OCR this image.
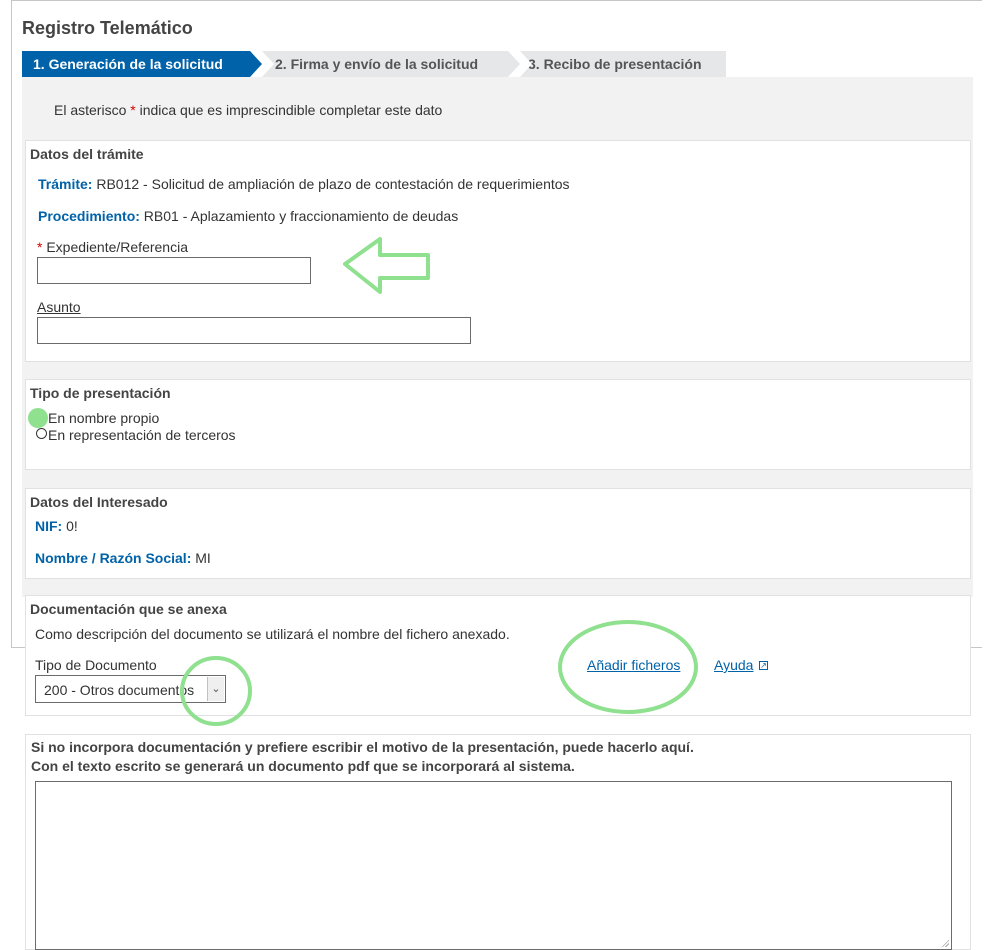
Registro Telemático
1. Generación de la solicitud	2. Firma y envío de la solicitud	3. Recibo de presentación
El asterisco * indica que es imprescindible completar este dato
Datos del trámite
Trámite: RB012 - Solicitud de ampliación de plazo de contestación de requerimientos
Procedimiento: RB01 - Aplazamiento y fraccionamiento de deudas
* Expediente/Referencia
Asunto
Tipo de presentación
En nombre propio
En representación de terceros
Datos del Interesado
NIF: 0!
Nombre / Razón Social: MI
Documentación que se anexa
Como descripción del documento se utilizará el nombre del fichero anexado.
Tipo de Documento
200 - Otros documentos	⌄
Añadir ficheros Ayuda ↗
Si no incorpora documentación y prefiere escribir el motivo de la presentación, puede hacerlo aquí.
Con el texto escrito se generará un documento pdf que se incorporará al sistema.
